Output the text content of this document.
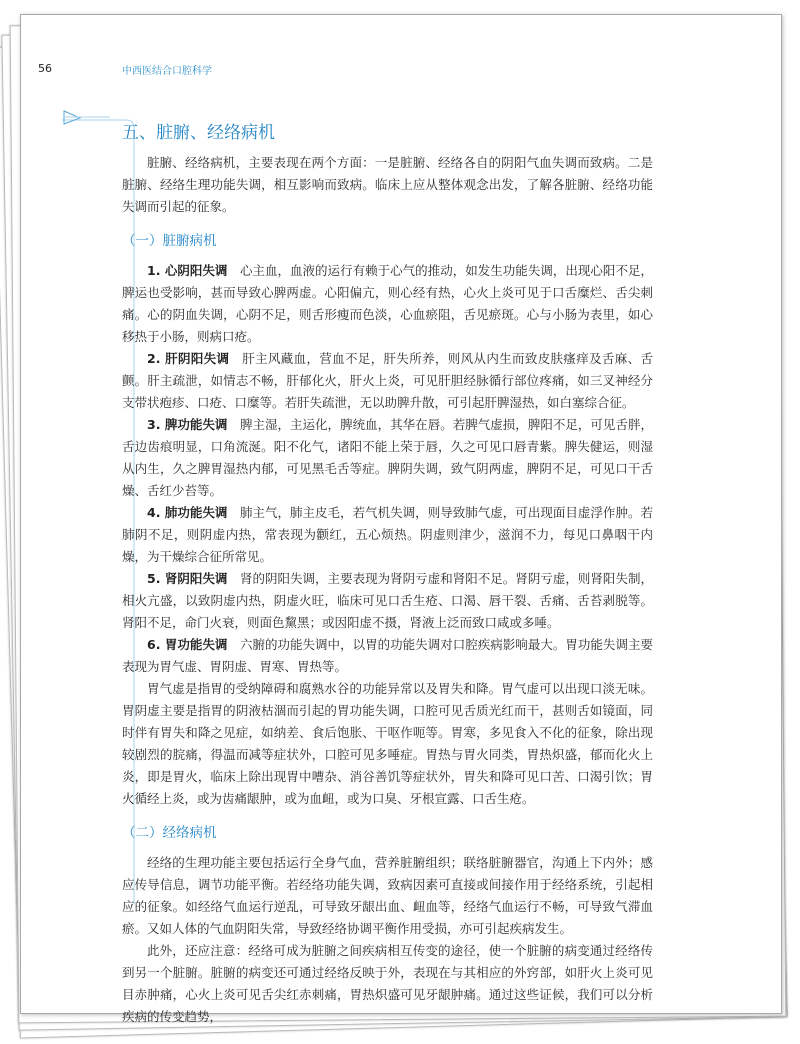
56	中西医结合口腔科学
五、脏腑、经络病机

脏腑、经络病机，主要表现在两个方面：一是脏腑、经络各自的阴阳气血失调而致病。二是脏腑、经络生理功能失调，相互影响而致病。临床上应从整体观念出发，了解各脏腑、经络功能失调而引起的征象。

（一）脏腑病机

1. 心阴阳失调　 心主血，血液的运行有赖于心气的推动，如发生功能失调，出现心阳不足，脾运也受影响，甚而导致心脾两虚。心阳偏亢，则心经有热，心火上炎可见于口舌糜烂、舌尖刺痛。心的阴血失调，心阴不足，则舌形瘦而色淡，心血瘀阻，舌见瘀斑。心与小肠为表里，如心移热于小肠，则病口疮。

2. 肝阴阳失调　 肝主风藏血，营血不足，肝失所养，则风从内生而致皮肤瘙痒及舌麻、舌颤。肝主疏泄，如情志不畅，肝郁化火，肝火上炎，可见肝胆经脉循行部位疼痛，如三叉神经分支带状疱疹、口疮、口糜等。若肝失疏泄，无以助脾升散，可引起肝脾湿热，如白塞综合征。

3. 脾功能失调　 脾主湿，主运化，脾统血，其华在唇。若脾气虚损，脾阳不足，可见舌胖，舌边齿痕明显，口角流涎。阳不化气，诸阳不能上荣于唇，久之可见口唇青紫。脾失健运，则湿从内生，久之脾胃湿热内郁，可见黑毛舌等症。脾阴失调，致气阴两虚，脾阴不足，可见口干舌燥、舌红少苔等。

4. 肺功能失调　 肺主气，肺主皮毛，若气机失调，则导致肺气虚，可出现面目虚浮作肿。若肺阴不足，则阴虚内热，常表现为颧红，五心烦热。阴虚则津少，滋润不力，每见口鼻咽干内燥，为干燥综合征所常见。

5. 肾阴阳失调　 肾的阴阳失调，主要表现为肾阴亏虚和肾阳不足。肾阴亏虚，则肾阳失制，相火亢盛，以致阴虚内热，阴虚火旺，临床可见口舌生疮、口渴、唇干裂、舌痛、舌苔剥脱等。肾阳不足，命门火衰，则面色黧黑；或因阳虚不摄，肾液上泛而致口咸或多唾。

6. 胃功能失调　 六腑的功能失调中，以胃的功能失调对口腔疾病影响最大。胃功能失调主要表现为胃气虚、胃阴虚、胃寒、胃热等。

胃气虚是指胃的受纳障碍和腐熟水谷的功能异常以及胃失和降。胃气虚可以出现口淡无味。胃阴虚主要是指胃的阴液枯涸而引起的胃功能失调，口腔可见舌质光红而干，甚则舌如镜面，同时伴有胃失和降之见症，如纳差、食后饱胀、干呕作呃等。胃寒，多见食入不化的征象，除出现较剧烈的脘痛，得温而减等症状外，口腔可见多唾症。胃热与胃火同类，胃热炽盛，郁而化火上炎，即是胃火，临床上除出现胃中嘈杂、消谷善饥等症状外，胃失和降可见口苦、口渴引饮；胃火循经上炎，或为齿痛龈肿，或为血衄，或为口臭、牙根宣露、口舌生疮。

（二）经络病机

经络的生理功能主要包括运行全身气血，营养脏腑组织；联络脏腑器官，沟通上下内外；感应传导信息，调节功能平衡。若经络功能失调，致病因素可直接或间接作用于经络系统，引起相应的征象。如经络气血运行逆乱，可导致牙龈出血、衄血等，经络气血运行不畅，可导致气滞血瘀。又如人体的气血阴阳失常，导致经络协调平衡作用受损，亦可引起疾病发生。

此外，还应注意：经络可成为脏腑之间疾病相互传变的途径，使一个脏腑的病变通过经络传到另一个脏腑。脏腑的病变还可通过经络反映于外，表现在与其相应的外窍部，如肝火上炎可见目赤肿痛，心火上炎可见舌尖红赤刺痛，胃热炽盛可见牙龈肿痛。通过这些证候，我们可以分析疾病的传变趋势，
